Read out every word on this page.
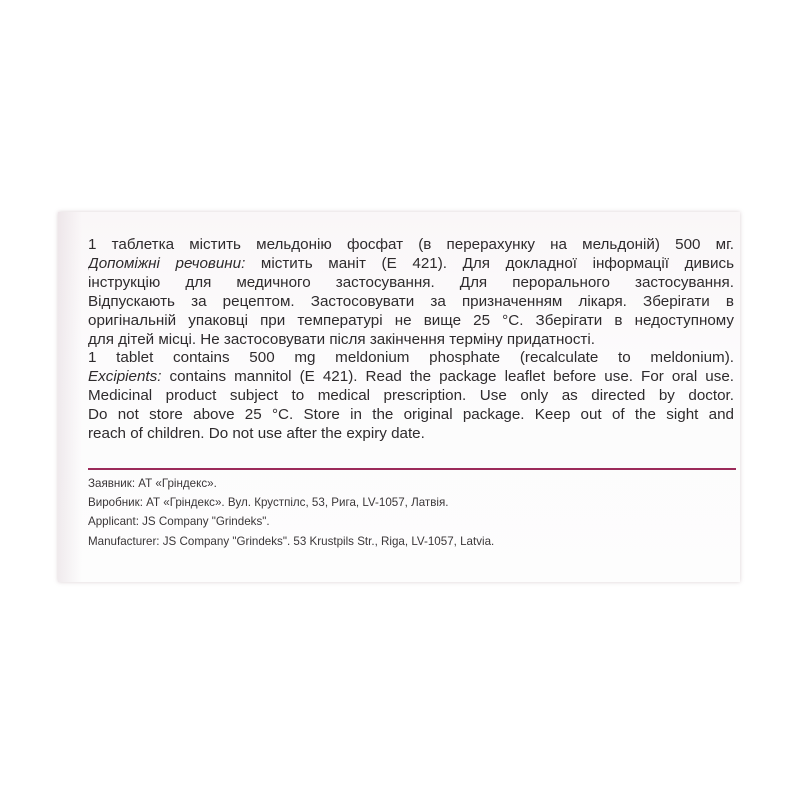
1 таблетка містить мельдонію фосфат (в перерахунку на мельдоній) 500 мг.
Допоміжні речовини: містить маніт (Е 421). Для докладної інформації дивись
інструкцію для медичного застосування. Для перорального застосування.
Відпускають за рецептом. Застосовувати за призначенням лікаря. Зберігати в
оригінальній упаковці при температурі не вище 25 °С. Зберігати в недоступному
для дітей місці. Не застосовувати після закінчення терміну придатності.
1 tablet contains 500 mg meldonium phosphate (recalculate to meldonium).
Excipients: contains mannitol (E 421). Read the package leaflet before use. For oral use.
Medicinal product subject to medical prescription. Use only as directed by doctor.
Do not store above 25 °C. Store in the original package. Keep out of the sight and
reach of children. Do not use after the expiry date.
Заявник: АТ «Гріндекс».
Виробник: АТ «Гріндекс». Вул. Крустпілс, 53, Рига, LV-1057, Латвія.
Applicant: JS Company "Grindeks".
Manufacturer: JS Company "Grindeks". 53 Krustpils Str., Riga, LV-1057, Latvia.
